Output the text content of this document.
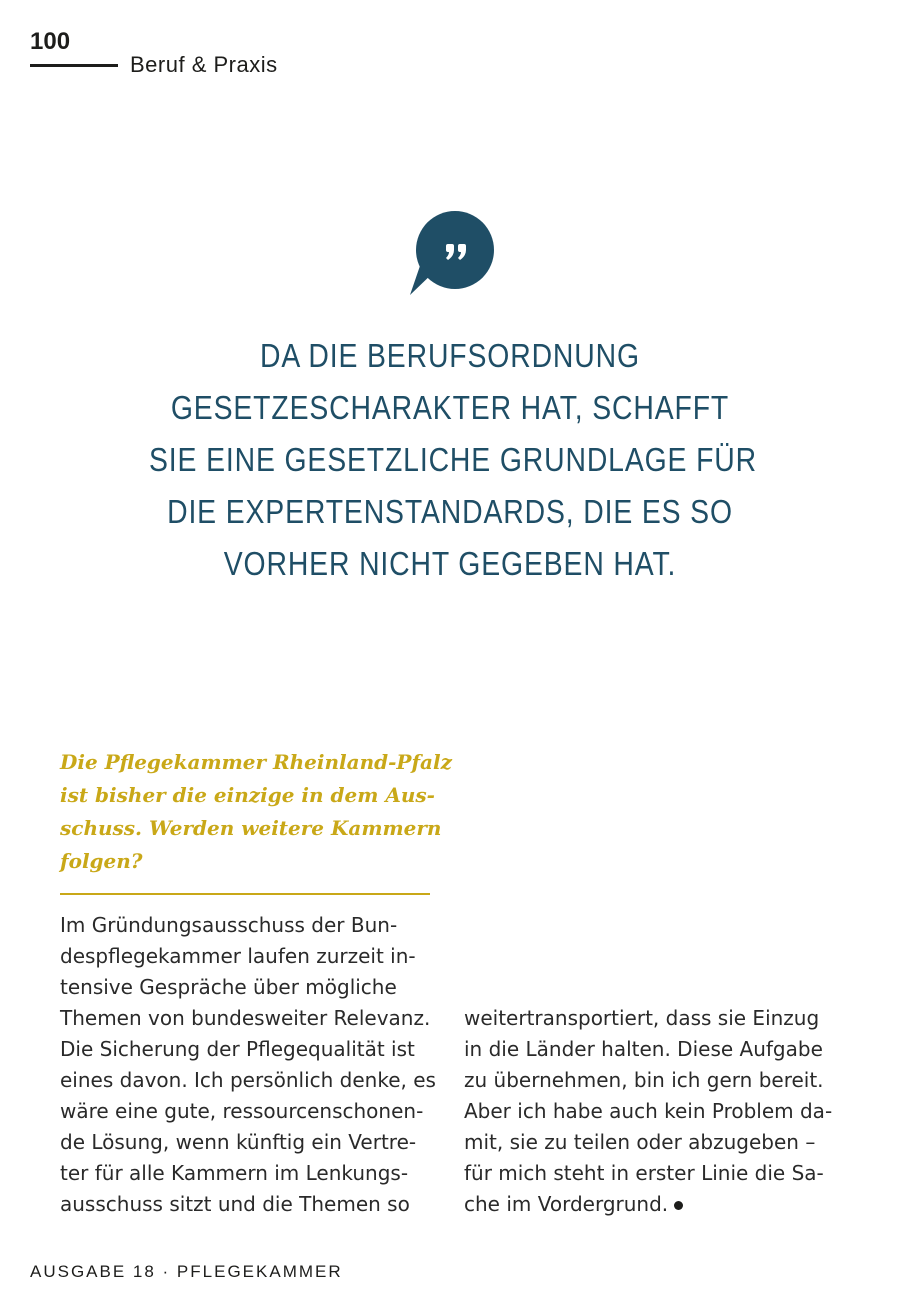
100
Beruf & Praxis
DA DIE BERUFSORDNUNG
GESETZESCHARAKTER HAT, SCHAFFT
SIE EINE GESETZLICHE GRUNDLAGE FÜR
DIE EXPERTENSTANDARDS, DIE ES SO
VORHER NICHT GEGEBEN HAT.
Die Pflegekammer Rheinland-Pfalz
ist bisher die einzige in dem Aus-
schuss. Werden weitere Kammern
folgen?
Im Gründungsausschuss der Bun-
despflegekammer laufen zurzeit in-
tensive Gespräche über mögliche
Themen von bundesweiter Relevanz.
Die Sicherung der Pflegequalität ist
eines davon. Ich persönlich denke, es
wäre eine gute, ressourcenschonen-
de Lösung, wenn künftig ein Vertre-
ter für alle Kammern im Lenkungs-
ausschuss sitzt und die Themen so
weitertransportiert, dass sie Einzug
in die Länder halten. Diese Aufgabe
zu übernehmen, bin ich gern bereit.
Aber ich habe auch kein Problem da-
mit, sie zu teilen oder abzugeben –
für mich steht in erster Linie die Sa-
che im Vordergrund.
AUSGABE 18 · PFLEGEKAMMER
